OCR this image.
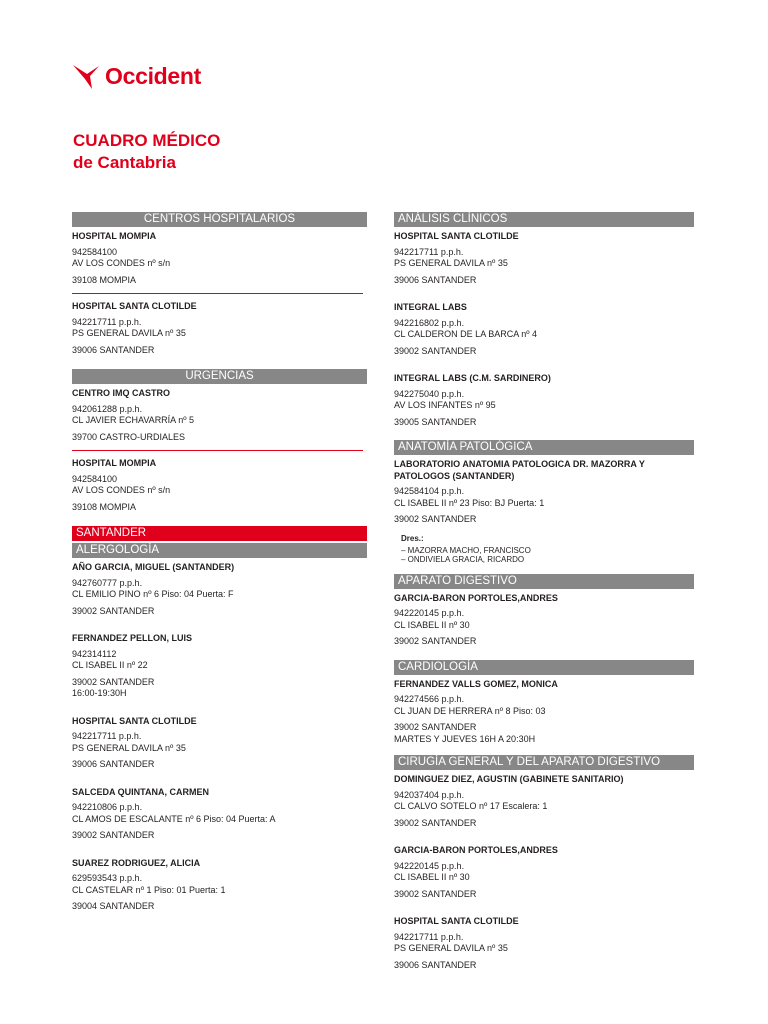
Occident
CUADRO MÉDICO
de Cantabria
CENTROS HOSPITALARIOS
HOSPITAL MOMPIA
942584100
AV LOS CONDES nº s/n
39108 MOMPIA
HOSPITAL SANTA CLOTILDE
942217711 p.p.h.
PS GENERAL DAVILA nº 35
39006 SANTANDER
URGENCIAS
CENTRO IMQ CASTRO
942061288 p.p.h.
CL JAVIER ECHAVARRÍA nº 5
39700 CASTRO-URDIALES
HOSPITAL MOMPIA
942584100
AV LOS CONDES nº s/n
39108 MOMPIA
SANTANDER
ALERGOLOGÍA
AÑO GARCIA, MIGUEL (SANTANDER)
942760777 p.p.h.
CL EMILIO PINO nº 6 Piso: 04 Puerta: F
39002 SANTANDER
FERNANDEZ PELLON, LUIS
942314112
CL ISABEL II nº 22
39002 SANTANDER
16:00-19:30H
HOSPITAL SANTA CLOTILDE
942217711 p.p.h.
PS GENERAL DAVILA nº 35
39006 SANTANDER
SALCEDA QUINTANA, CARMEN
942210806 p.p.h.
CL AMOS DE ESCALANTE nº 6 Piso: 04 Puerta: A
39002 SANTANDER
SUAREZ RODRIGUEZ, ALICIA
629593543 p.p.h.
CL CASTELAR nº 1 Piso: 01 Puerta: 1
39004 SANTANDER
ANÁLISIS CLÍNICOS
HOSPITAL SANTA CLOTILDE
942217711 p.p.h.
PS GENERAL DAVILA nº 35
39006 SANTANDER
INTEGRAL LABS
942216802 p.p.h.
CL CALDERON DE LA BARCA nº 4
39002 SANTANDER
INTEGRAL LABS (C.M. SARDINERO)
942275040 p.p.h.
AV LOS INFANTES nº 95
39005 SANTANDER
ANATOMÍA PATOLÓGICA
LABORATORIO ANATOMIA PATOLOGICA DR. MAZORRA Y
PATOLOGOS (SANTANDER)
942584104 p.p.h.
CL ISABEL II nº 23 Piso: BJ Puerta: 1
39002 SANTANDER
Dres.:
– MAZORRA MACHO, FRANCISCO
– ONDIVIELA GRACIA, RICARDO
APARATO DIGESTIVO
GARCIA-BARON PORTOLES,ANDRES
942220145 p.p.h.
CL ISABEL II nº 30
39002 SANTANDER
CARDIOLOGÍA
FERNANDEZ VALLS GOMEZ, MONICA
942274566 p.p.h.
CL JUAN DE HERRERA nº 8 Piso: 03
39002 SANTANDER
MARTES Y JUEVES 16H A 20:30H
CIRUGÍA GENERAL Y DEL APARATO DIGESTIVO
DOMINGUEZ DIEZ, AGUSTIN (GABINETE SANITARIO)
942037404 p.p.h.
CL CALVO SOTELO nº 17 Escalera: 1
39002 SANTANDER
GARCIA-BARON PORTOLES,ANDRES
942220145 p.p.h.
CL ISABEL II nº 30
39002 SANTANDER
HOSPITAL SANTA CLOTILDE
942217711 p.p.h.
PS GENERAL DAVILA nº 35
39006 SANTANDER
